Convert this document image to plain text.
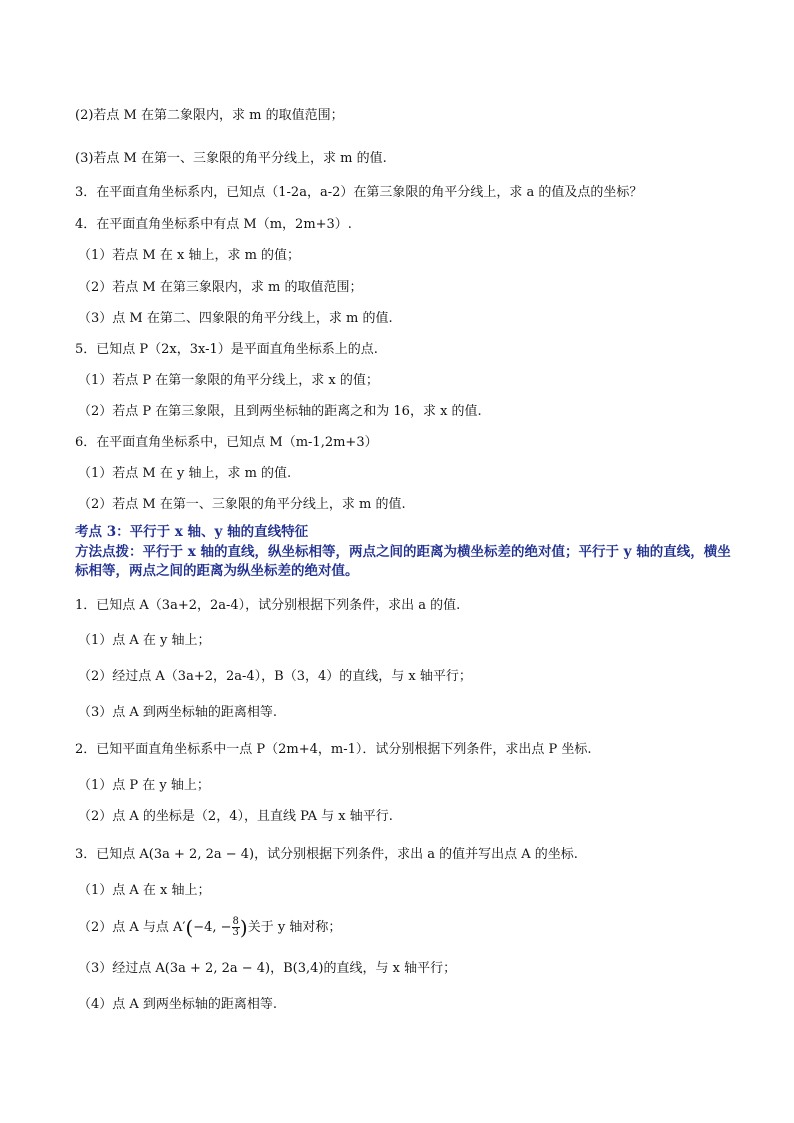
(2)若点 M 在第二象限内，求 m 的取值范围；
(3)若点 M 在第一、三象限的角平分线上，求 m 的值.
3．在平面直角坐标系内，已知点（1-2a，a-2）在第三象限的角平分线上，求 a 的值及点的坐标？
4．在平面直角坐标系中有点 M（m，2m+3）.
（1）若点 M 在 x 轴上，求 m 的值；
（2）若点 M 在第三象限内，求 m 的取值范围；
（3）点 M 在第二、四象限的角平分线上，求 m 的值.
5．已知点 P（2x，3x-1）是平面直角坐标系上的点.
（1）若点 P 在第一象限的角平分线上，求 x 的值；
（2）若点 P 在第三象限，且到两坐标轴的距离之和为 16，求 x 的值.
6．在平面直角坐标系中，已知点 M（m-1,2m+3）
（1）若点 M 在 y 轴上，求 m 的值.
（2）若点 M 在第一、三象限的角平分线上，求 m 的值.
考点 3：平行于 x 轴、y 轴的直线特征
方法点拨：平行于 x 轴的直线，纵坐标相等，两点之间的距离为横坐标差的绝对值；平行于 y 轴的直线，横坐标相等，两点之间的距离为纵坐标差的绝对值。
1．已知点 A（3a+2，2a-4），试分别根据下列条件，求出 a 的值.
（1）点 A 在 y 轴上；
（2）经过点 A（3a+2，2a-4），B（3，4）的直线，与 x 轴平行；
（3）点 A 到两坐标轴的距离相等.
2．已知平面直角坐标系中一点 P（2m+4，m-1）．试分别根据下列条件，求出点 P 坐标.
（1）点 P 在 y 轴上；
（2）点 A 的坐标是（2，4），且直线 PA 与 x 轴平行.
3．已知点 A(3a + 2, 2a − 4)，试分别根据下列条件，求出 a 的值并写出点 A 的坐标.
（1）点 A 在 x 轴上；
（2）点 A 与点 A′(−4, − $\frac{8}{3}$ )关于 y 轴对称；
（3）经过点 A(3a + 2, 2a − 4)，B(3,4)的直线，与 x 轴平行；
（4）点 A 到两坐标轴的距离相等.
